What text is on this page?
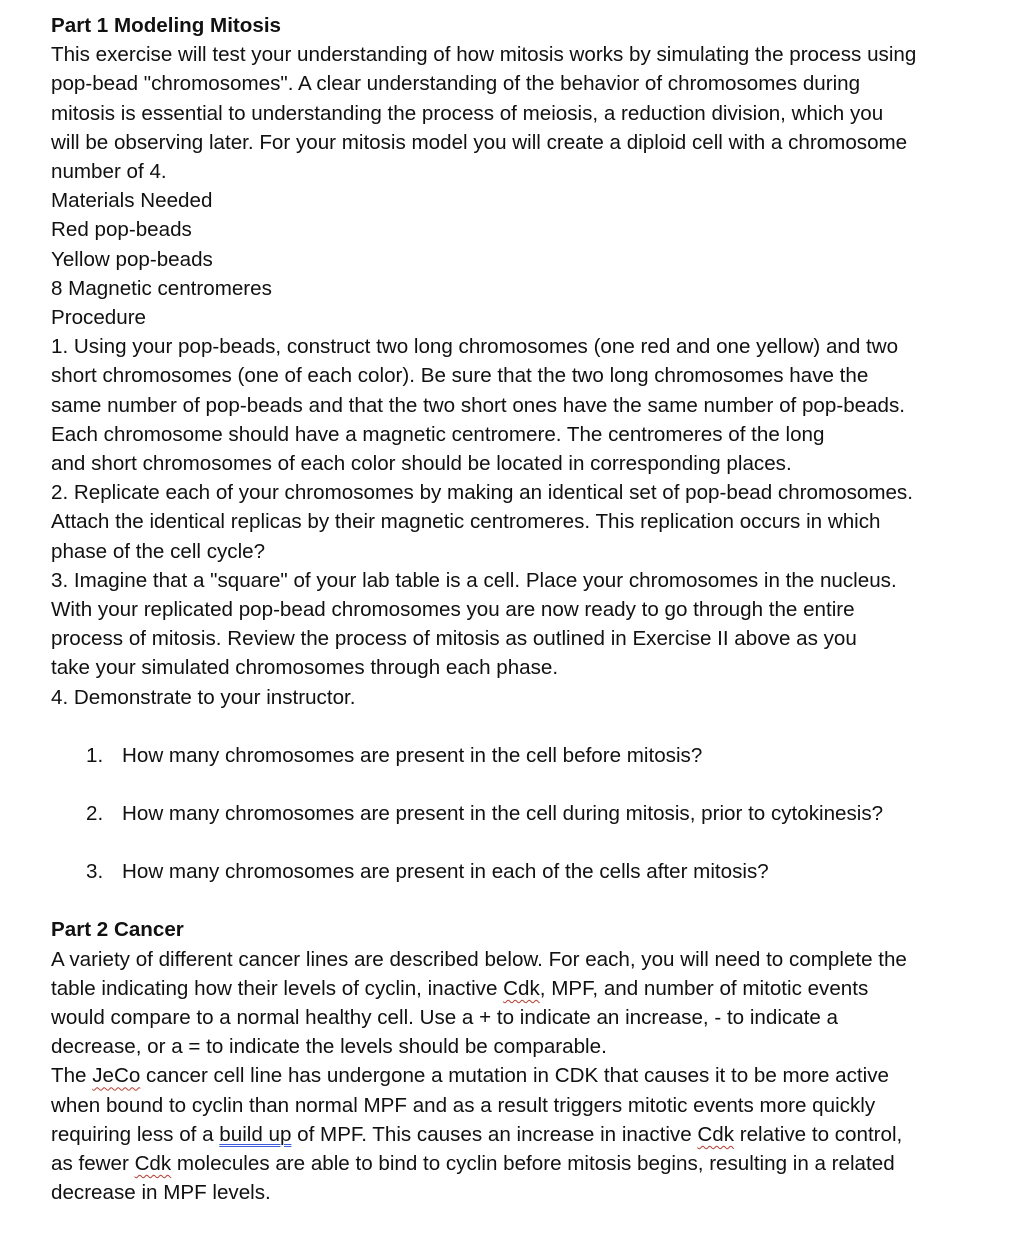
Part 1 Modeling Mitosis
This exercise will test your understanding of how mitosis works by simulating the process using
pop-bead "chromosomes". A clear understanding of the behavior of chromosomes during
mitosis is essential to understanding the process of meiosis, a reduction division, which you
will be observing later. For your mitosis model you will create a diploid cell with a chromosome
number of 4.
Materials Needed
Red pop-beads
Yellow pop-beads
8 Magnetic centromeres
Procedure
1. Using your pop-beads, construct two long chromosomes (one red and one yellow) and two
short chromosomes (one of each color). Be sure that the two long chromosomes have the
same number of pop-beads and that the two short ones have the same number of pop-beads.
Each chromosome should have a magnetic centromere. The centromeres of the long
and short chromosomes of each color should be located in corresponding places.
2. Replicate each of your chromosomes by making an identical set of pop-bead chromosomes.
Attach the identical replicas by their magnetic centromeres. This replication occurs in which
phase of the cell cycle?
3. Imagine that a "square" of your lab table is a cell. Place your chromosomes in the nucleus.
With your replicated pop-bead chromosomes you are now ready to go through the entire
process of mitosis. Review the process of mitosis as outlined in Exercise II above as you
take your simulated chromosomes through each phase.
4. Demonstrate to your instructor.
1. How many chromosomes are present in the cell before mitosis?
2. How many chromosomes are present in the cell during mitosis, prior to cytokinesis?
3. How many chromosomes are present in each of the cells after mitosis?
Part 2 Cancer
A variety of different cancer lines are described below. For each, you will need to complete the
table indicating how their levels of cyclin, inactive Cdk, MPF, and number of mitotic events
would compare to a normal healthy cell. Use a + to indicate an increase, - to indicate a
decrease, or a = to indicate the levels should be comparable.
The JeCo cancer cell line has undergone a mutation in CDK that causes it to be more active
when bound to cyclin than normal MPF and as a result triggers mitotic events more quickly
requiring less of a build up of MPF. This causes an increase in inactive Cdk relative to control,
as fewer Cdk molecules are able to bind to cyclin before mitosis begins, resulting in a related
decrease in MPF levels.
